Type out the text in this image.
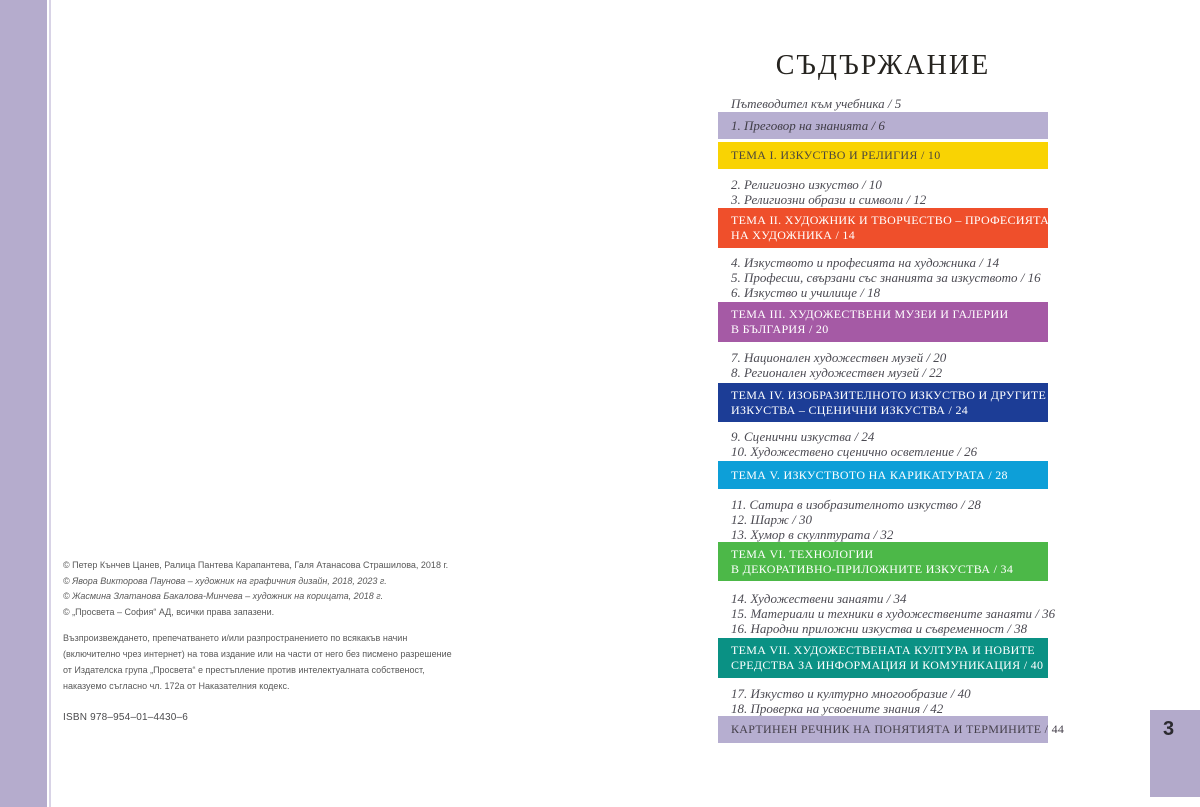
© Петер Кънчев Цанев, Ралица Пантева Карапантева, Галя Атанасова Страшилова, 2018 г.
© Явора Викторова Паунова – художник на графичния дизайн, 2018, 2023 г.
© Жасмина Златанова Бакалова-Минчева – художник на корицата, 2018 г.
© „Просвета – София“ АД, всички права запазени.
Възпроизвеждането, препечатването и/или разпространението по всякакъв начин
(включително чрез интернет) на това издание или на части от него без писмено разрешение
от Издателска група „Просвета“ е престъпление против интелектуалната собственост,
наказуемо съгласно чл. 172а от Наказателния кодекс.
ISBN 978–954–01–4430–6
СЪДЪРЖАНИЕ
Пътеводител към учебника / 5
1. Преговор на знанията / 6
ТЕМА I. ИЗКУСТВО И РЕЛИГИЯ / 10
2. Религиозно изкуство / 10
3. Религиозни образи и символи / 12
ТЕМА II. ХУДОЖНИК И ТВОРЧЕСТВО – ПРОФЕСИЯТА
НА ХУДОЖНИКА / 14
4. Изкуството и професията на художника / 14
5. Професии, свързани със знанията за изкуството / 16
6. Изкуство и училище / 18
ТЕМА III. ХУДОЖЕСТВЕНИ МУЗЕИ И ГАЛЕРИИ
В БЪЛГАРИЯ / 20
7. Национален художествен музей / 20
8. Регионален художествен музей / 22
ТЕМА IV. ИЗОБРАЗИТЕЛНОТО ИЗКУСТВО И ДРУГИТЕ
ИЗКУСТВА – СЦЕНИЧНИ ИЗКУСТВА / 24
9. Сценични изкуства / 24
10. Художествено сценично осветление / 26
ТЕМА V. ИЗКУСТВОТО НА КАРИКАТУРАТА / 28
11. Сатира в изобразителното изкуство / 28
12. Шарж / 30
13. Хумор в скулптурата / 32
ТЕМА VI. ТЕХНОЛОГИИ
В ДЕКОРАТИВНО-ПРИЛОЖНИТЕ ИЗКУСТВА / 34
14. Художествени занаяти / 34
15. Материали и техники в художествените занаяти / 36
16. Народни приложни изкуства и съвременност / 38
ТЕМА VII. ХУДОЖЕСТВЕНАТА КУЛТУРА И НОВИТЕ
СРЕДСТВА ЗА ИНФОРМАЦИЯ И КОМУНИКАЦИЯ / 40
17. Изкуство и културно многообразие / 40
18. Проверка на усвоените знания / 42
КАРТИНЕН РЕЧНИК НА ПОНЯТИЯТА И ТЕРМИНИТЕ / 44	3
